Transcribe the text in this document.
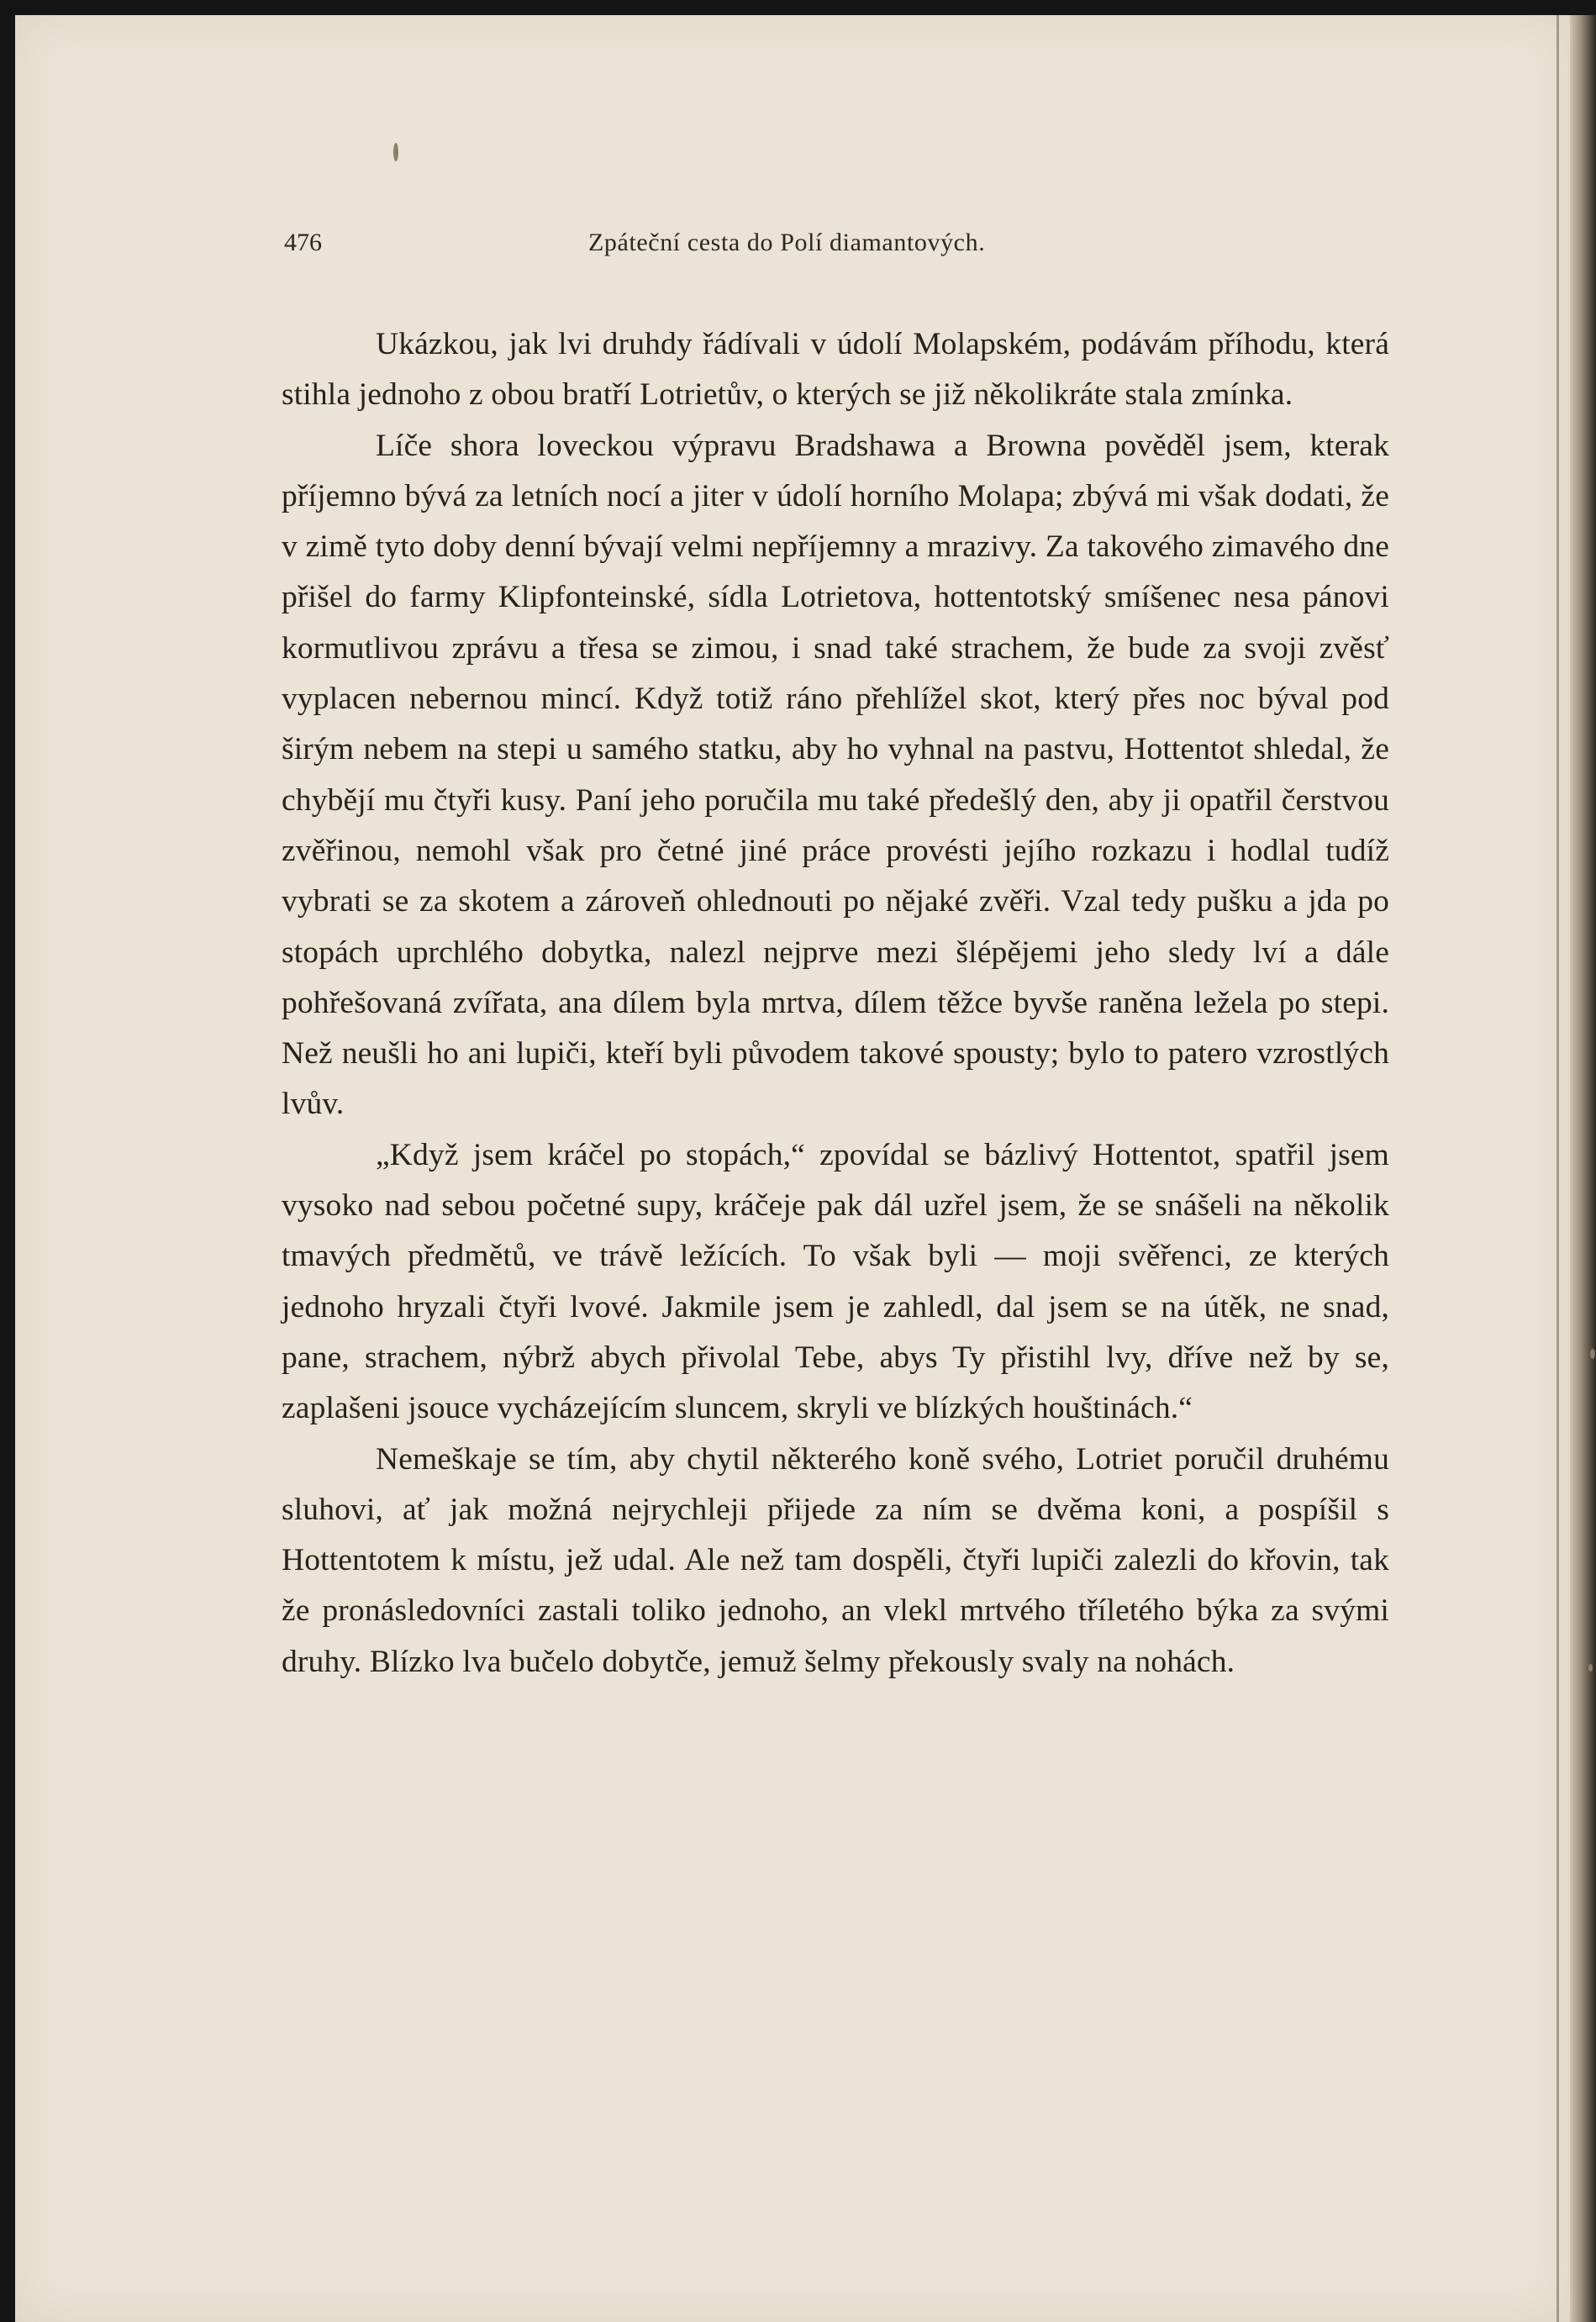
476	Zpáteční cesta do Polí diamantových.

Ukázkou, jak lvi druhdy řádívali v údolí Molapském, podávám příhodu, která stihla jednoho z obou bratří Lotrietův, o kterých se již několikráte stala zmínka.

Líče shora loveckou výpravu Bradshawa a Browna pověděl jsem, kterak příjemno bývá za letních nocí a jiter v údolí horního Molapa; zbývá mi však dodati, že v zimě tyto doby denní bývají velmi nepříjemny a mrazivy. Za takového zimavého dne přišel do farmy Klipfonteinské, sídla Lotrietova, hottentotský smíšenec nesa pánovi kormutlivou zprávu a třesa se zimou, i snad také strachem, že bude za svoji zvěsť vyplacen nebernou mincí. Když totiž ráno přehlížel skot, který přes noc býval pod širým nebem na stepi u samého statku, aby ho vyhnal na pastvu, Hottentot shledal, že chybějí mu čtyři kusy. Paní jeho poručila mu také předešlý den, aby ji opatřil čerstvou zvěřinou, nemohl však pro četné jiné práce provésti jejího rozkazu i hodlal tudíž vybrati se za skotem a zároveň ohlednouti po nějaké zvěři. Vzal tedy pušku a jda po stopách uprchlého dobytka, nalezl nejprve mezi šlépějemi jeho sledy lví a dále pohřešovaná zvířata, ana dílem byla mrtva, dílem těžce byvše raněna ležela po stepi. Než neušli ho ani lupiči, kteří byli původem takové spousty; bylo to patero vzrostlých lvův.

„Když jsem kráčel po stopách,“ zpovídal se bázlivý Hottentot, spatřil jsem vysoko nad sebou početné supy, kráčeje pak dál uzřel jsem, že se snášeli na několik tmavých předmětů, ve trávě ležících. To však byli — moji svěřenci, ze kterých jednoho hryzali čtyři lvové. Jakmile jsem je zahledl, dal jsem se na útěk, ne snad, pane, strachem, nýbrž abych přivolal Tebe, abys Ty přistihl lvy, dříve než by se, zaplašeni jsouce vycházejícím sluncem, skryli ve blízkých houštinách.“

Nemeškaje se tím, aby chytil některého koně svého, Lotriet poručil druhému sluhovi, ať jak možná nejrychleji přijede za ním se dvěma koni, a pospíšil s Hottentotem k místu, jež udal. Ale než tam dospěli, čtyři lupiči zalezli do křovin, tak že pronásledovníci zastali toliko jednoho, an vlekl mrtvého tříletého býka za svými druhy. Blízko lva bučelo dobytče, jemuž šelmy překously svaly na nohách.
